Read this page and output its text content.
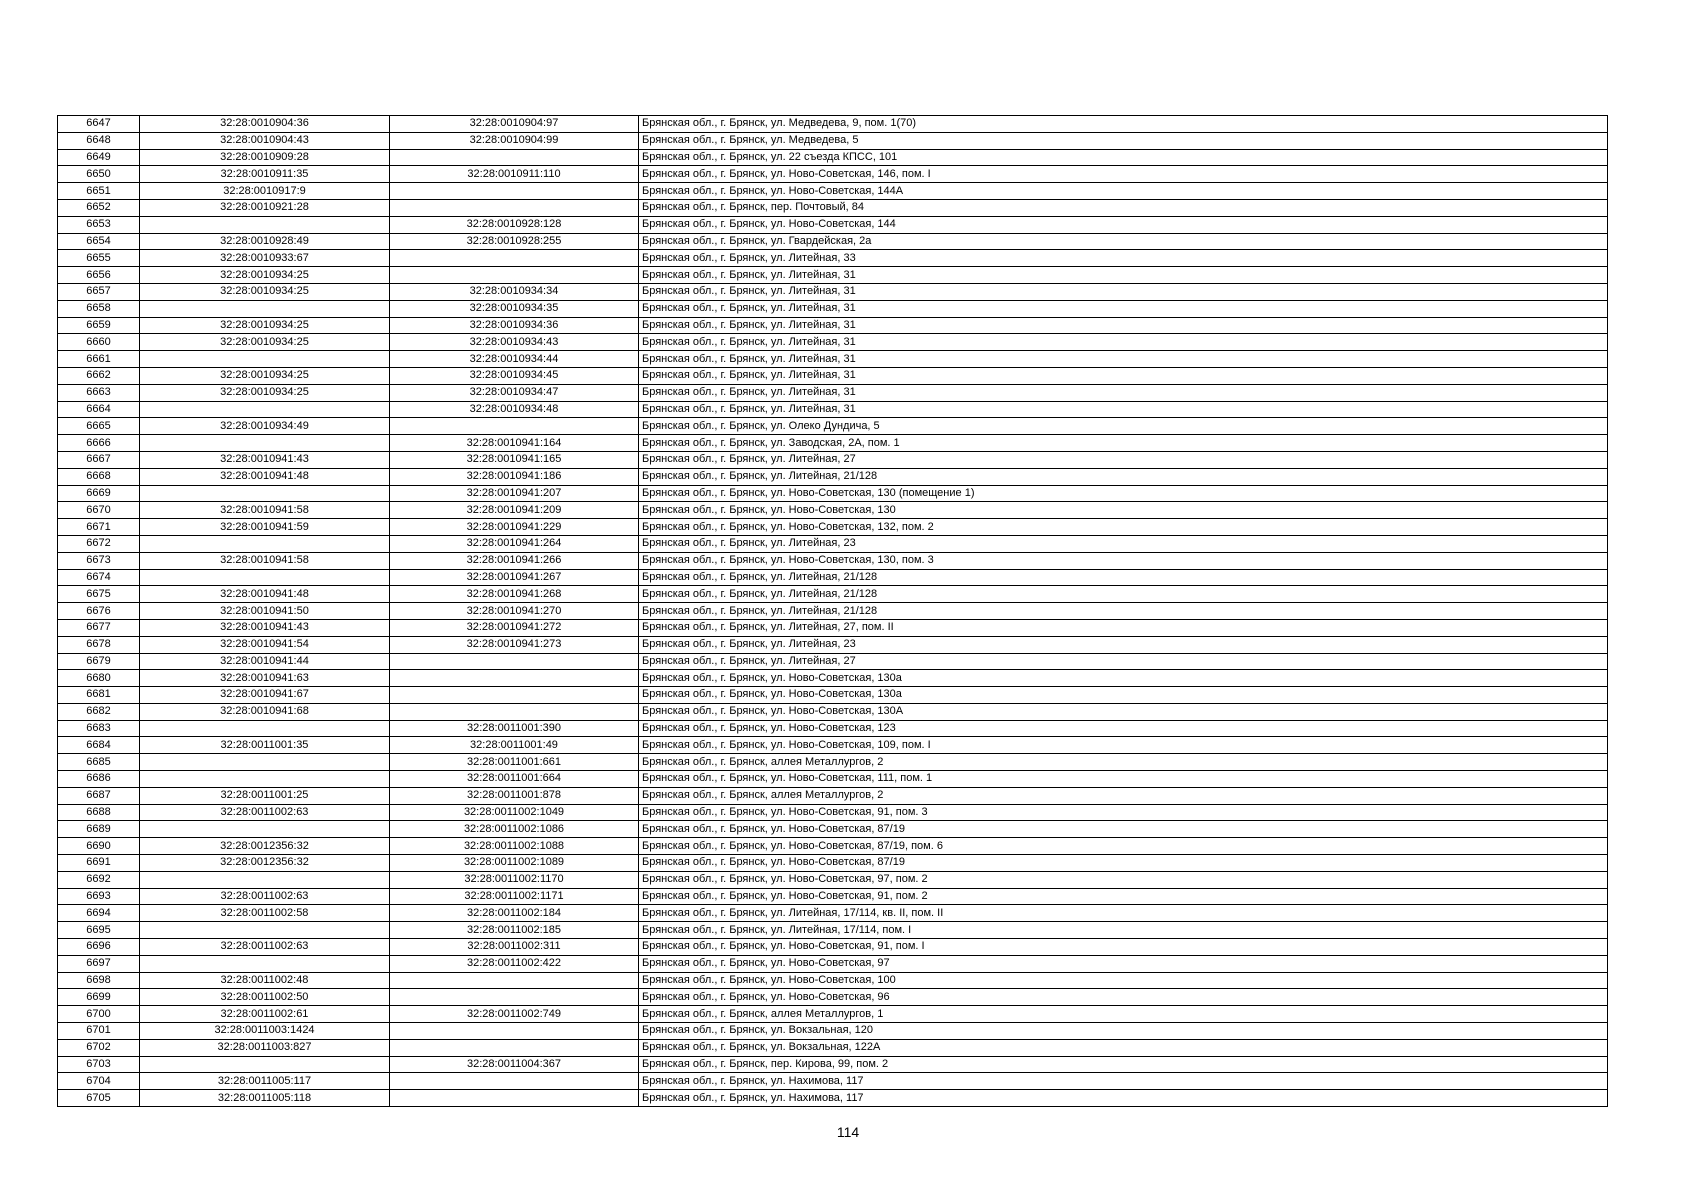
6647	32:28:0010904:36	32:28:0010904:97	Брянская обл., г. Брянск, ул. Медведева, 9, пом. 1(70)
6648	32:28:0010904:43	32:28:0010904:99	Брянская обл., г. Брянск, ул. Медведева, 5
6649	32:28:0010909:28		Брянская обл., г. Брянск, ул. 22 съезда КПСС, 101
6650	32:28:0010911:35	32:28:0010911:110	Брянская обл., г. Брянск, ул. Ново-Советская, 146, пом. I
6651	32:28:0010917:9		Брянская обл., г. Брянск, ул. Ново-Советская, 144А
6652	32:28:0010921:28		Брянская обл., г. Брянск, пер. Почтовый, 84
6653		32:28:0010928:128	Брянская обл., г. Брянск, ул. Ново-Советская, 144
6654	32:28:0010928:49	32:28:0010928:255	Брянская обл., г. Брянск, ул. Гвардейская, 2а
6655	32:28:0010933:67		Брянская обл., г. Брянск, ул. Литейная, 33
6656	32:28:0010934:25		Брянская обл., г. Брянск, ул. Литейная, 31
6657	32:28:0010934:25	32:28:0010934:34	Брянская обл., г. Брянск, ул. Литейная, 31
6658		32:28:0010934:35	Брянская обл., г. Брянск, ул. Литейная, 31
6659	32:28:0010934:25	32:28:0010934:36	Брянская обл., г. Брянск, ул. Литейная, 31
6660	32:28:0010934:25	32:28:0010934:43	Брянская обл., г. Брянск, ул. Литейная, 31
6661		32:28:0010934:44	Брянская обл., г. Брянск, ул. Литейная, 31
6662	32:28:0010934:25	32:28:0010934:45	Брянская обл., г. Брянск, ул. Литейная, 31
6663	32:28:0010934:25	32:28:0010934:47	Брянская обл., г. Брянск, ул. Литейная, 31
6664		32:28:0010934:48	Брянская обл., г. Брянск, ул. Литейная, 31
6665	32:28:0010934:49		Брянская обл., г. Брянск, ул. Олеко Дундича, 5
6666		32:28:0010941:164	Брянская обл., г. Брянск, ул. Заводская, 2А, пом. 1
6667	32:28:0010941:43	32:28:0010941:165	Брянская обл., г. Брянск, ул. Литейная, 27
6668	32:28:0010941:48	32:28:0010941:186	Брянская обл., г. Брянск, ул. Литейная, 21/128
6669		32:28:0010941:207	Брянская обл., г. Брянск, ул. Ново-Советская, 130 (помещение 1)
6670	32:28:0010941:58	32:28:0010941:209	Брянская обл., г. Брянск, ул. Ново-Советская, 130
6671	32:28:0010941:59	32:28:0010941:229	Брянская обл., г. Брянск, ул. Ново-Советская, 132, пом. 2
6672		32:28:0010941:264	Брянская обл., г. Брянск, ул. Литейная, 23
6673	32:28:0010941:58	32:28:0010941:266	Брянская обл., г. Брянск, ул. Ново-Советская, 130, пом. 3
6674		32:28:0010941:267	Брянская обл., г. Брянск, ул. Литейная, 21/128
6675	32:28:0010941:48	32:28:0010941:268	Брянская обл., г. Брянск, ул. Литейная, 21/128
6676	32:28:0010941:50	32:28:0010941:270	Брянская обл., г. Брянск, ул. Литейная, 21/128
6677	32:28:0010941:43	32:28:0010941:272	Брянская обл., г. Брянск, ул. Литейная, 27, пом. II
6678	32:28:0010941:54	32:28:0010941:273	Брянская обл., г. Брянск, ул. Литейная, 23
6679	32:28:0010941:44		Брянская обл., г. Брянск, ул. Литейная, 27
6680	32:28:0010941:63		Брянская обл., г. Брянск, ул. Ново-Советская, 130а
6681	32:28:0010941:67		Брянская обл., г. Брянск, ул. Ново-Советская, 130а
6682	32:28:0010941:68		Брянская обл., г. Брянск, ул. Ново-Советская, 130А
6683		32:28:0011001:390	Брянская обл., г. Брянск, ул. Ново-Советская, 123
6684	32:28:0011001:35	32:28:0011001:49	Брянская обл., г. Брянск, ул. Ново-Советская, 109, пом. I
6685		32:28:0011001:661	Брянская обл., г. Брянск, аллея Металлургов, 2
6686		32:28:0011001:664	Брянская обл., г. Брянск, ул. Ново-Советская, 111, пом. 1
6687	32:28:0011001:25	32:28:0011001:878	Брянская обл., г. Брянск, аллея Металлургов, 2
6688	32:28:0011002:63	32:28:0011002:1049	Брянская обл., г. Брянск, ул. Ново-Советская, 91, пом. 3
6689		32:28:0011002:1086	Брянская обл., г. Брянск, ул. Ново-Советская, 87/19
6690	32:28:0012356:32	32:28:0011002:1088	Брянская обл., г. Брянск, ул. Ново-Советская, 87/19, пом. 6
6691	32:28:0012356:32	32:28:0011002:1089	Брянская обл., г. Брянск, ул. Ново-Советская, 87/19
6692		32:28:0011002:1170	Брянская обл., г. Брянск, ул. Ново-Советская, 97, пом. 2
6693	32:28:0011002:63	32:28:0011002:1171	Брянская обл., г. Брянск, ул. Ново-Советская, 91, пом. 2
6694	32:28:0011002:58	32:28:0011002:184	Брянская обл., г. Брянск, ул. Литейная, 17/114, кв. II, пом. II
6695		32:28:0011002:185	Брянская обл., г. Брянск, ул. Литейная, 17/114, пом. I
6696	32:28:0011002:63	32:28:0011002:311	Брянская обл., г. Брянск, ул. Ново-Советская, 91, пом. I
6697		32:28:0011002:422	Брянская обл., г. Брянск, ул. Ново-Советская, 97
6698	32:28:0011002:48		Брянская обл., г. Брянск, ул. Ново-Советская, 100
6699	32:28:0011002:50		Брянская обл., г. Брянск, ул. Ново-Советская, 96
6700	32:28:0011002:61	32:28:0011002:749	Брянская обл., г. Брянск, аллея Металлургов, 1
6701	32:28:0011003:1424		Брянская обл., г. Брянск, ул. Вокзальная, 120
6702	32:28:0011003:827		Брянская обл., г. Брянск, ул. Вокзальная, 122А
6703		32:28:0011004:367	Брянская обл., г. Брянск, пер. Кирова, 99, пом. 2
6704	32:28:0011005:117		Брянская обл., г. Брянск, ул. Нахимова, 117
6705	32:28:0011005:118		Брянская обл., г. Брянск, ул. Нахимова, 117
114
